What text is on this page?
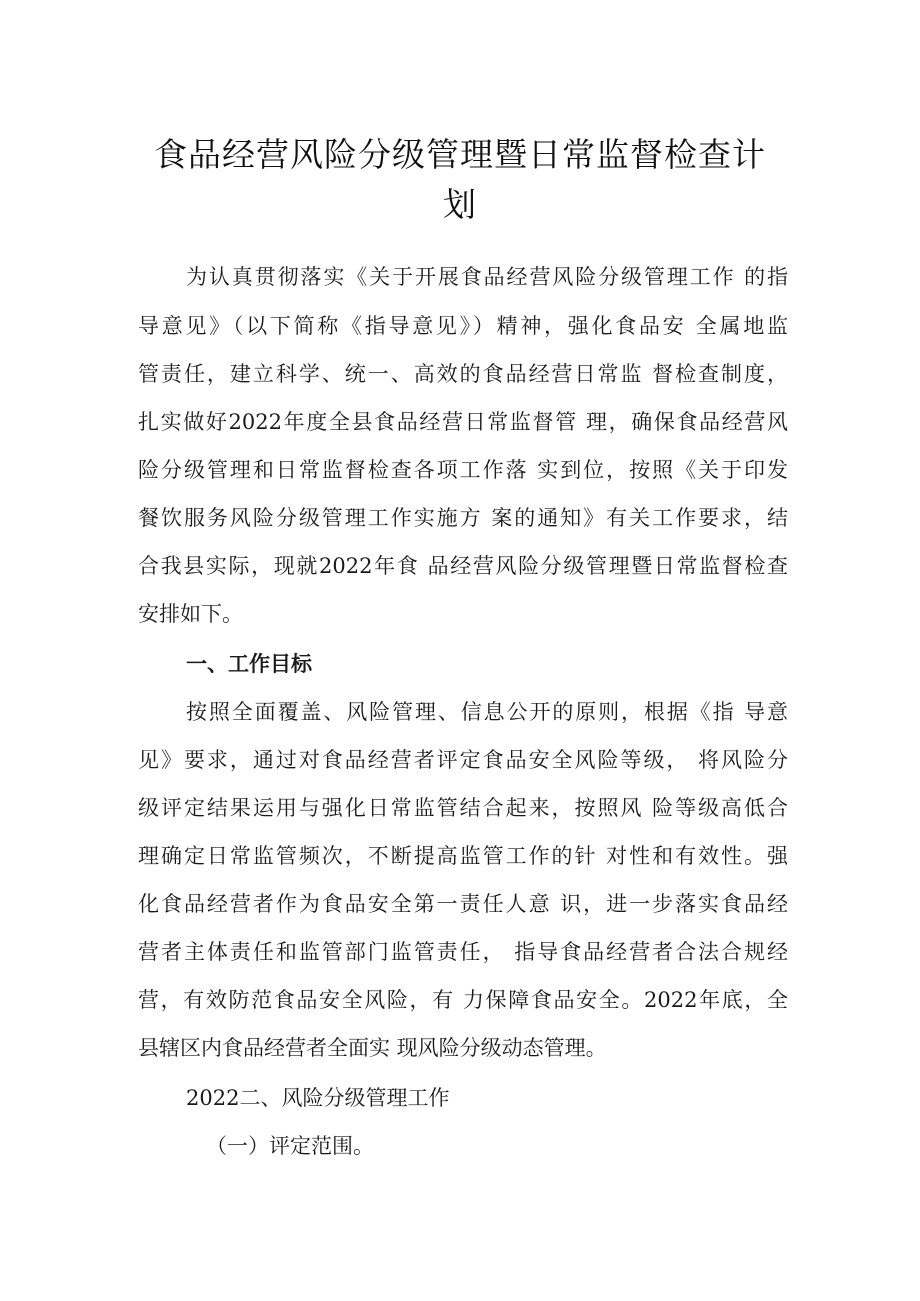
食品经营风险分级管理暨日常监督检查计
划
为认真贯彻落实《关于开展食品经营风险分级管理工作 的指
导意见》（以下简称《指导意见》）精神，强化食品安 全属地监
管责任，建立科学、统一、高效的食品经营日常监 督检查制度，
扎实做好2022年度全县食品经营日常监督管 理，确保食品经营风
险分级管理和日常监督检查各项工作落 实到位，按照《关于印发
餐饮服务风险分级管理工作实施方 案的通知》有关工作要求，结
合我县实际，现就2022年食 品经营风险分级管理暨日常监督检查
安排如下。
一、工作目标
按照全面覆盖、风险管理、信息公开的原则，根据《指 导意
见》要求，通过对食品经营者评定食品安全风险等级， 将风险分
级评定结果运用与强化日常监管结合起来，按照风 险等级高低合
理确定日常监管频次，不断提高监管工作的针 对性和有效性。强
化食品经营者作为食品安全第一责任人意 识，进一步落实食品经
营者主体责任和监管部门监管责任， 指导食品经营者合法合规经
营，有效防范食品安全风险，有 力保障食品安全。2022年底，全
县辖区内食品经营者全面实 现风险分级动态管理。
2022二、风险分级管理工作
（一）评定范围。
